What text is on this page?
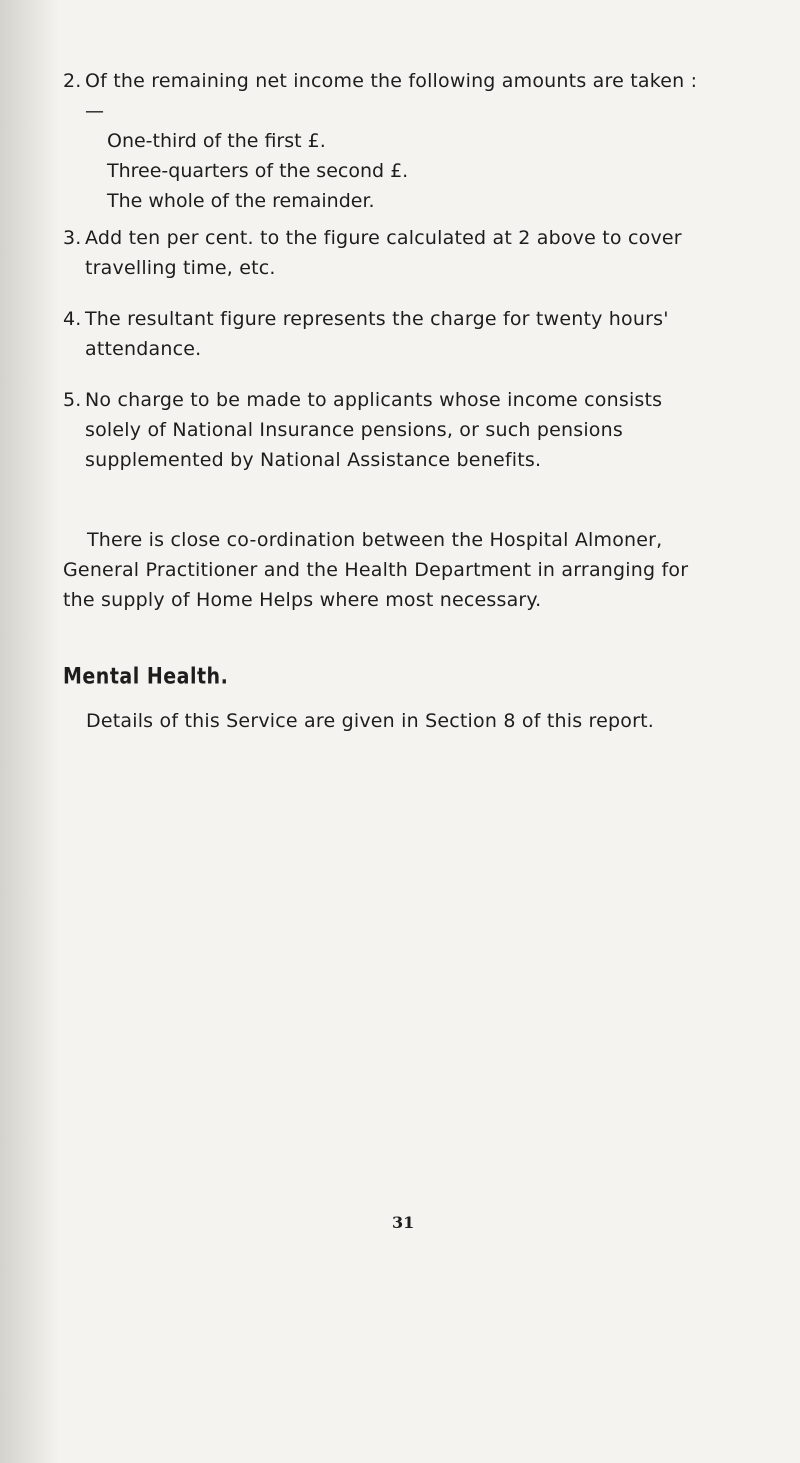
2. Of the remaining net income the following amounts are taken :—
One-third of the first £.
Three-quarters of the second £.
The whole of the remainder.
3. Add ten per cent. to the figure calculated at 2 above to cover travelling time, etc.
4. The resultant figure represents the charge for twenty hours' attendance.
5. No charge to be made to applicants whose income consists solely of National Insurance pensions, or such pensions supplemented by National Assistance benefits.
There is close co-ordination between the Hospital Almoner, General Practitioner and the Health Department in arranging for the supply of Home Helps where most necessary.
Mental Health.
Details of this Service are given in Section 8 of this report.
31
